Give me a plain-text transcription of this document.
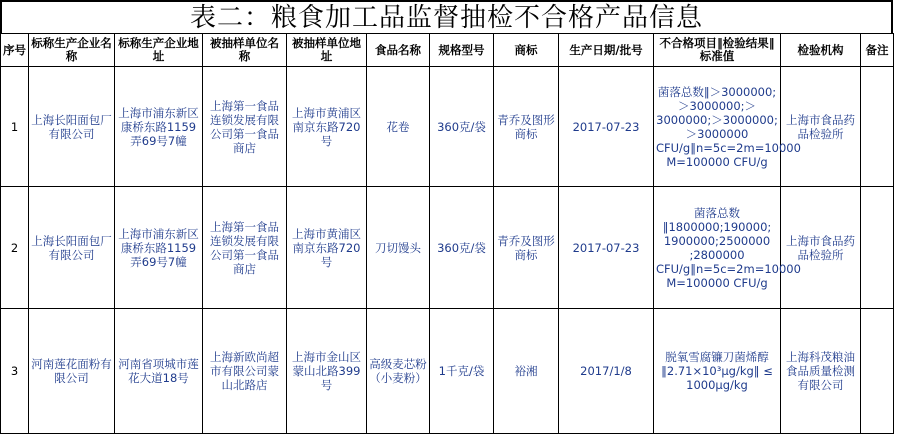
表二：粮食加工品监督抽检不合格产品信息
序号	标称生产企业名称	标称生产企业地址	被抽样单位名称	被抽样单位地址	食品名称	规格型号	商标	生产日期/批号	不合格项目‖检验结果‖标准值	检验机构	备注
1	上海长阳面包厂有限公司	上海市浦东新区康桥东路1159弄69号7幢	上海第一食品连锁发展有限公司第一食品商店	上海市黄浦区南京东路720号	花卷	360克/袋	青乔及图形商标	2017-07-23	菌落总数‖＞3000000;＞3000000;＞3000000;＞3000000;＞3000000 CFU/g‖n=5c=2m=10000 M=100000 CFU/g	上海市食品药品检验所	
2	上海长阳面包厂有限公司	上海市浦东新区康桥东路1159弄69号7幢	上海第一食品连锁发展有限公司第一食品商店	上海市黄浦区南京东路720号	刀切馒头	360克/袋	青乔及图形商标	2017-07-23	菌落总数‖1800000;190000; 1900000;2500000 ;2800000 CFU/g‖n=5c=2m=10000 M=100000 CFU/g	上海市食品药品检验所	
3	河南莲花面粉有限公司	河南省项城市莲花大道18号	上海新欧尚超市有限公司蒙山北路店	上海市金山区蒙山北路399号	高级麦芯粉（小麦粉）	1千克/袋	裕湘	2017/1/8	脱氧雪腐镰刀菌烯醇‖2.71×10³μg/kg‖ ≤ 1000μg/kg	上海科茂粮油食品质量检测有限公司	
